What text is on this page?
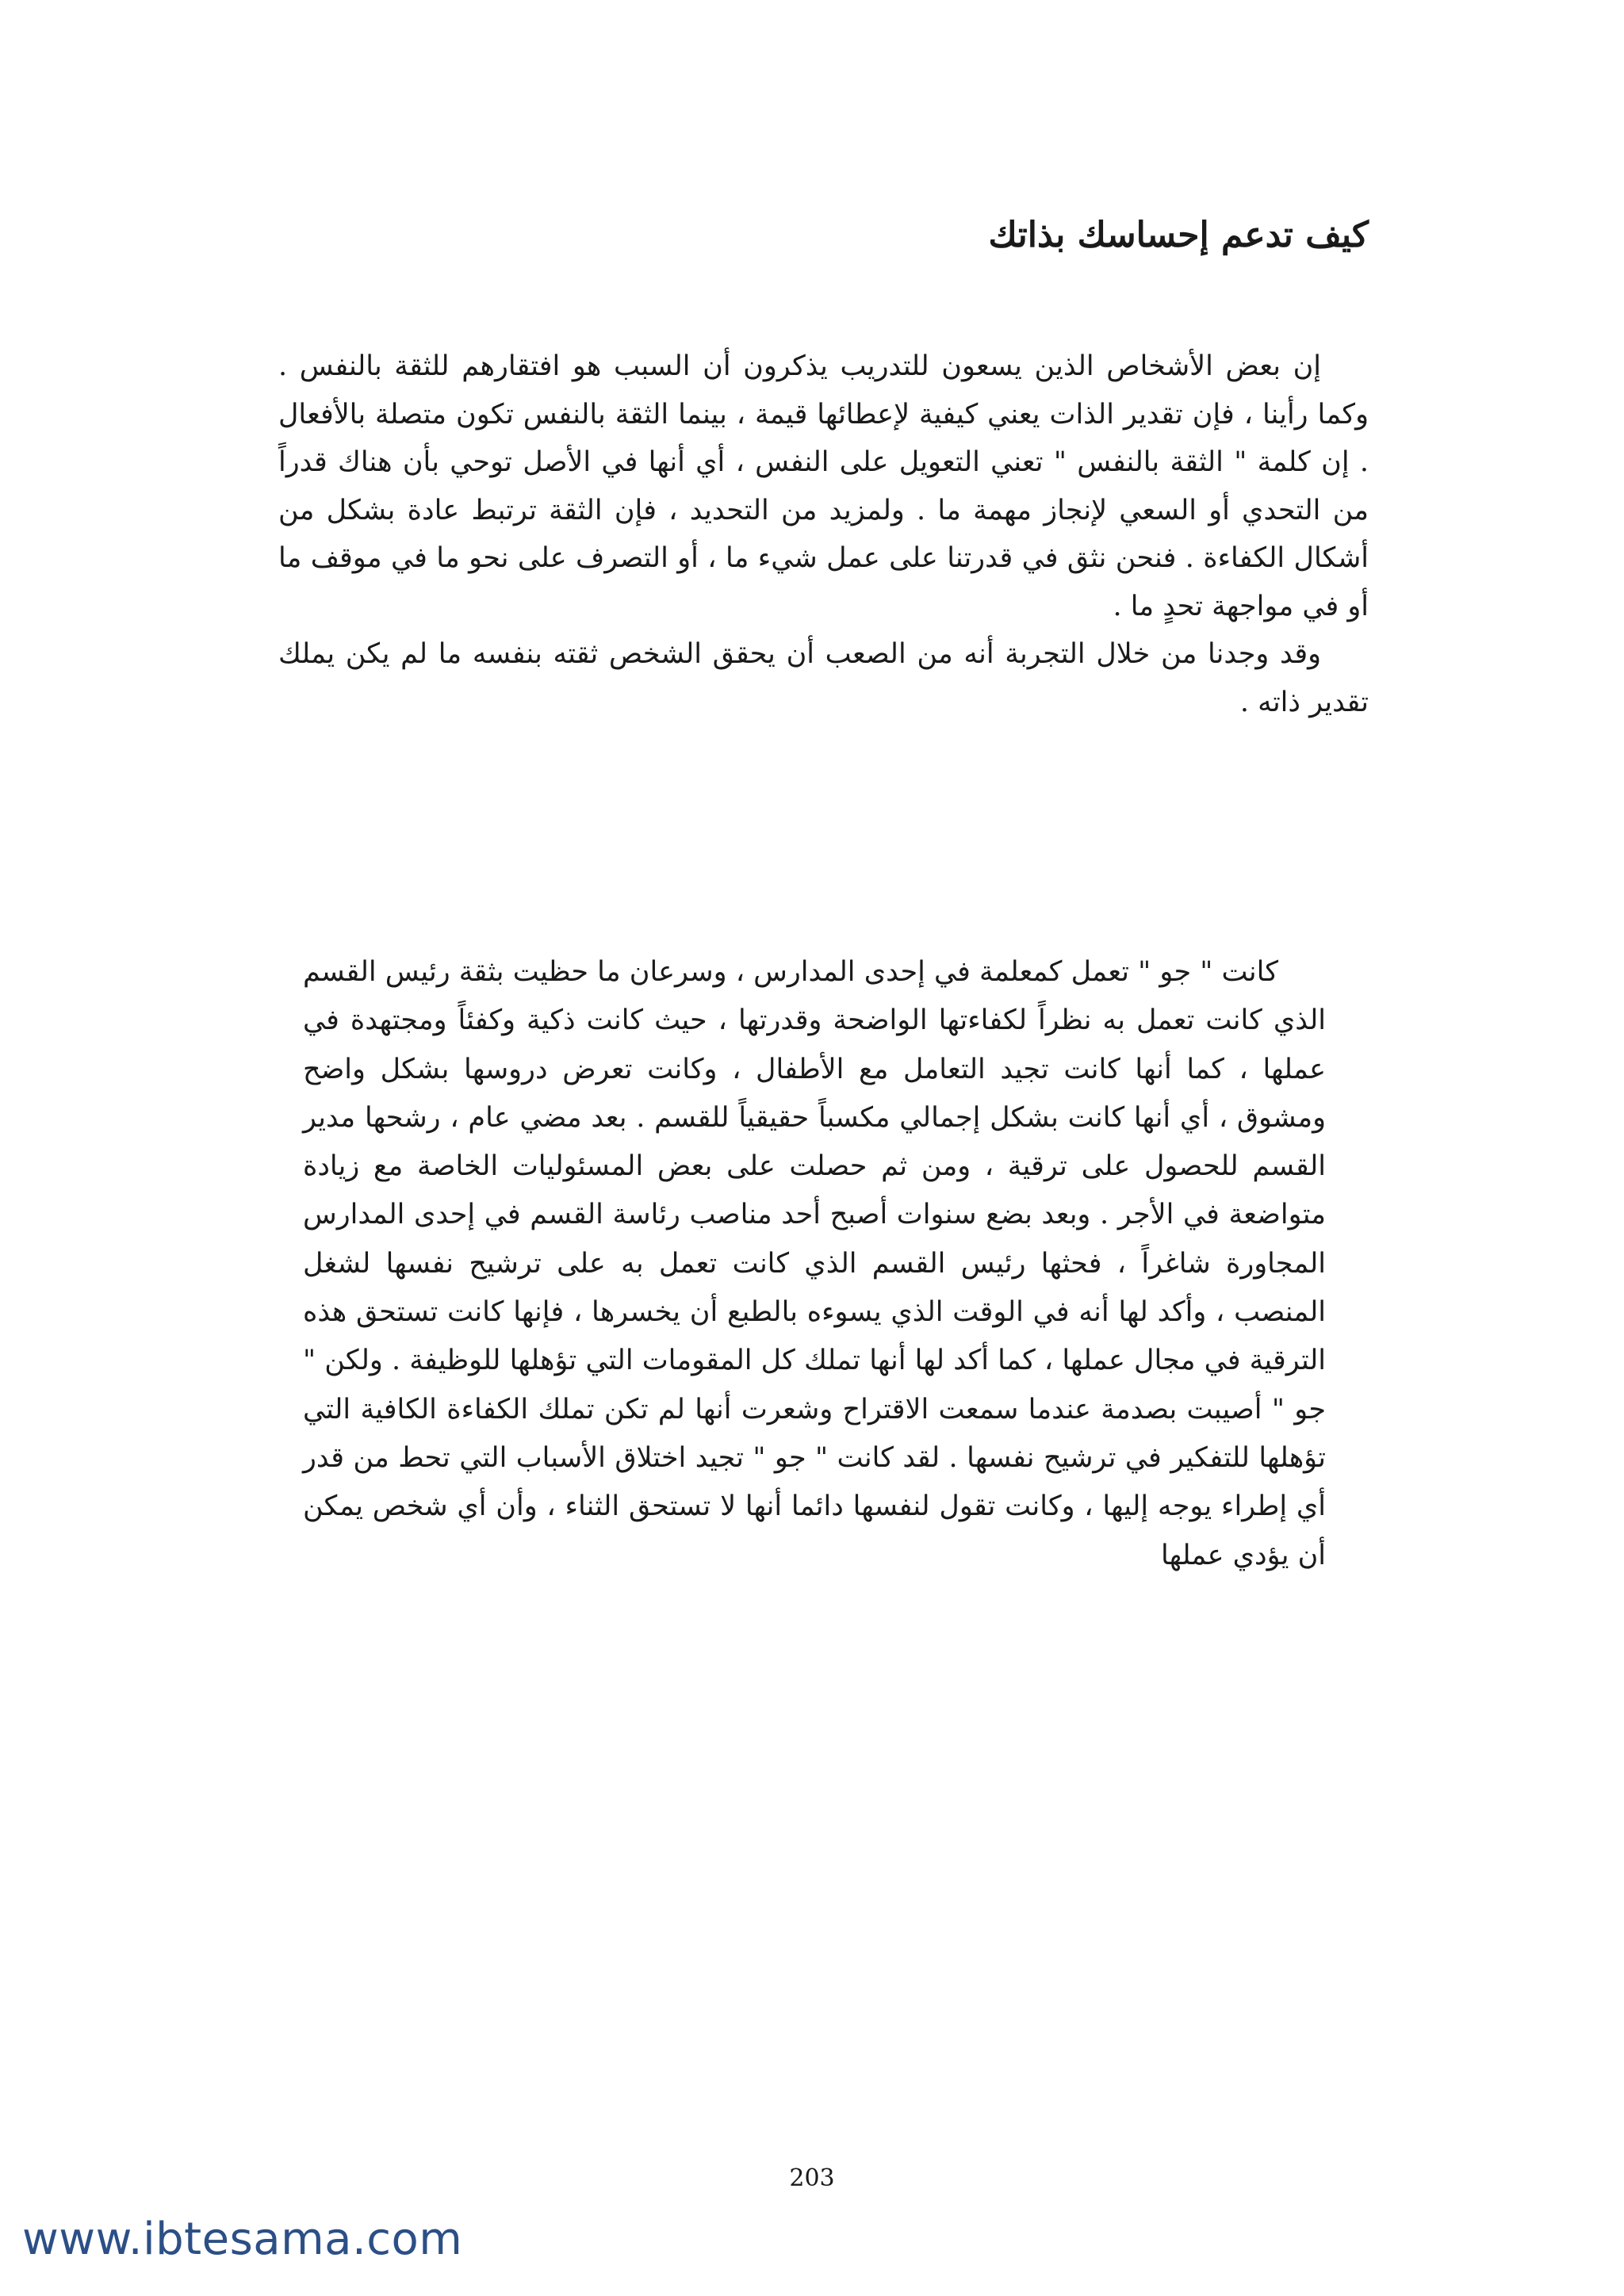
كيف تدعم إحساسك بذاتك

إن بعض الأشخاص الذين يسعون للتدريب يذكرون أن السبب هو افتقارهم للثقة بالنفس . وكما رأينا ، فإن تقدير الذات يعني كيفية لإعطائها قيمة ، بينما الثقة بالنفس تكون متصلة بالأفعال . إن كلمة " الثقة بالنفس " تعني التعويل على النفس ، أي أنها في الأصل توحي بأن هناك قدراً من التحدي أو السعي لإنجاز مهمة ما . ولمزيد من التحديد ، فإن الثقة ترتبط عادة بشكل من أشكال الكفاءة . فنحن نثق في قدرتنا على عمل شيء ما ، أو التصرف على نحو ما في موقف ما أو في مواجهة تحدٍ ما .

وقد وجدنا من خلال التجربة أنه من الصعب أن يحقق الشخص ثقته بنفسه ما لم يكن يملك تقدير ذاته .

كانت " جو " تعمل كمعلمة في إحدى المدارس ، وسرعان ما حظيت بثقة رئيس القسم الذي كانت تعمل به نظراً لكفاءتها الواضحة وقدرتها ، حيث كانت ذكية وكفئاً ومجتهدة في عملها ، كما أنها كانت تجيد التعامل مع الأطفال ، وكانت تعرض دروسها بشكل واضح ومشوق ، أي أنها كانت بشكل إجمالي مكسباً حقيقياً للقسم . بعد مضي عام ، رشحها مدير القسم للحصول على ترقية ، ومن ثم حصلت على بعض المسئوليات الخاصة مع زيادة متواضعة في الأجر . وبعد بضع سنوات أصبح أحد مناصب رئاسة القسم في إحدى المدارس المجاورة شاغراً ، فحثها رئيس القسم الذي كانت تعمل به على ترشيح نفسها لشغل المنصب ، وأكد لها أنه في الوقت الذي يسوءه بالطبع أن يخسرها ، فإنها كانت تستحق هذه الترقية في مجال عملها ، كما أكد لها أنها تملك كل المقومات التي تؤهلها للوظيفة . ولكن " جو " أصيبت بصدمة عندما سمعت الاقتراح وشعرت أنها لم تكن تملك الكفاءة الكافية التي تؤهلها للتفكير في ترشيح نفسها . لقد كانت " جو " تجيد اختلاق الأسباب التي تحط من قدر أي إطراء يوجه إليها ، وكانت تقول لنفسها دائما أنها لا تستحق الثناء ، وأن أي شخص يمكن أن يؤدي عملها

203
www.ibtesama.com
